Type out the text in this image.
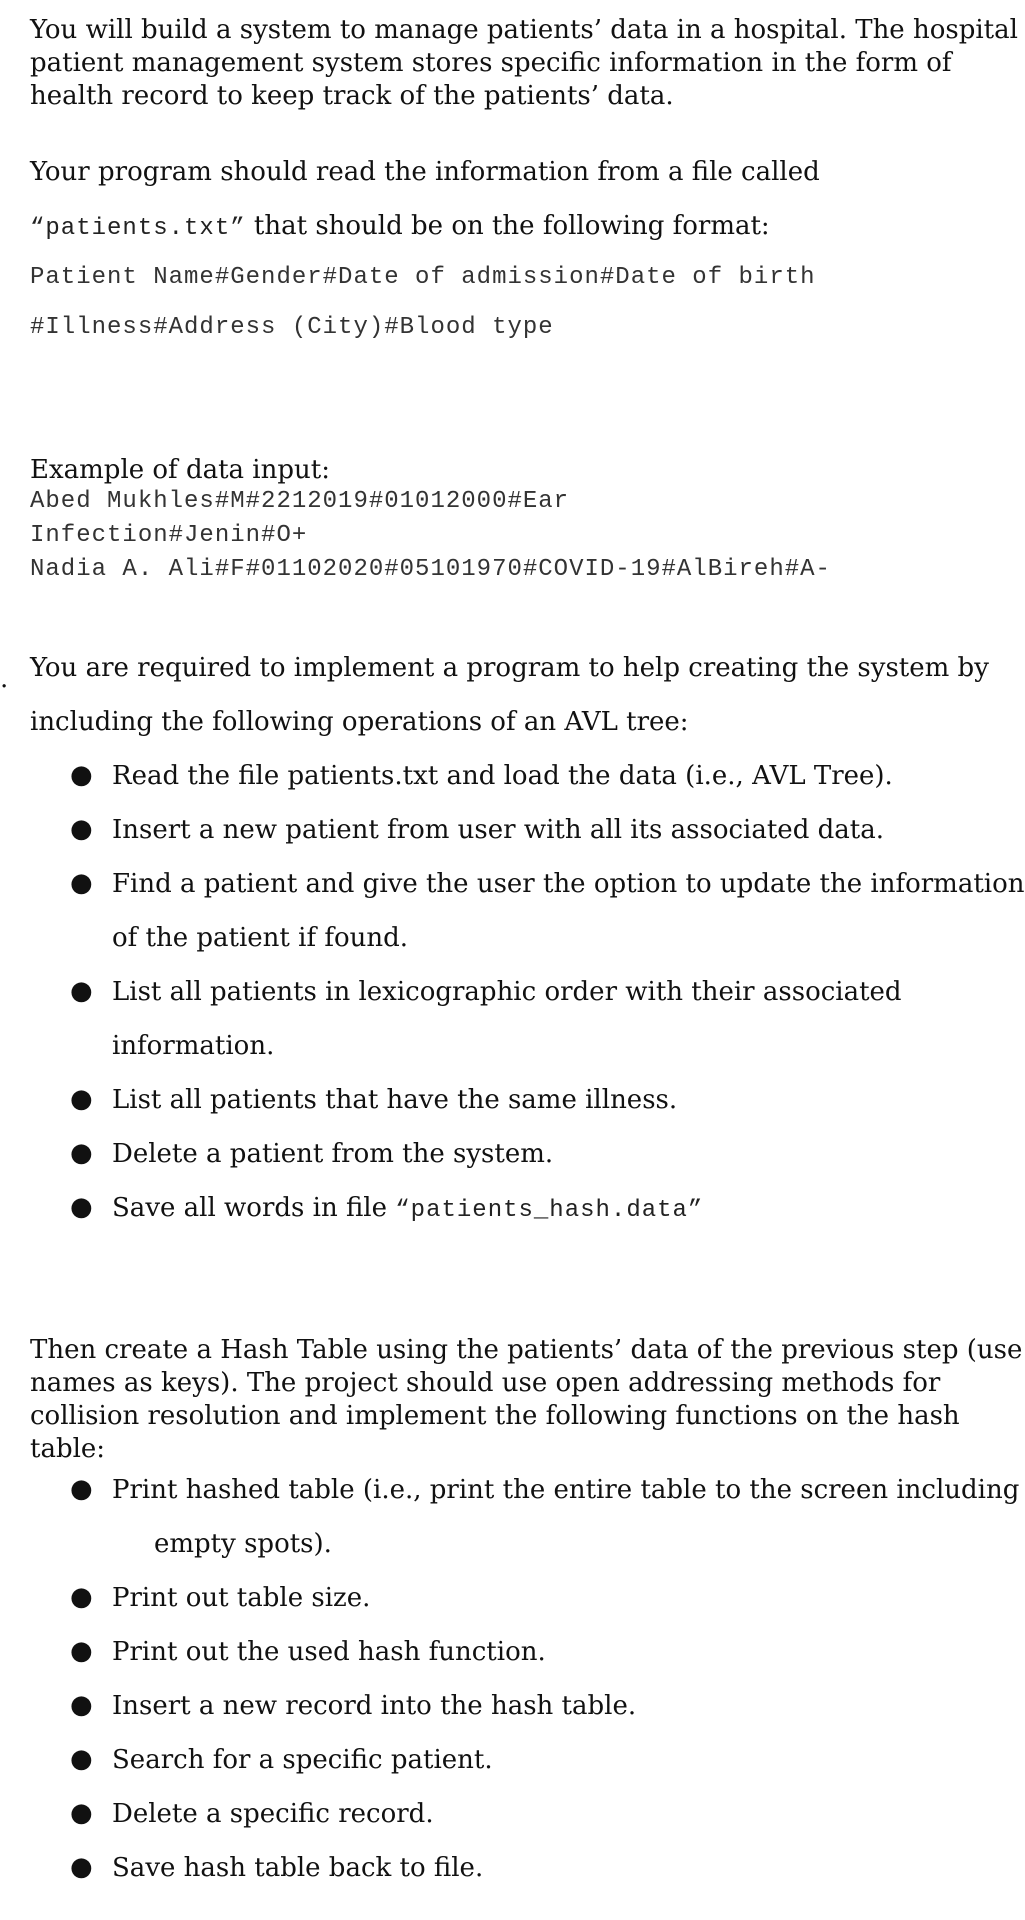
You will build a system to manage patients’ data in a hospital. The hospital
patient management system stores specific information in the form of
health record to keep track of the patients’ data.
Your program should read the information from a file called
“patients.txt” that should be on the following format:
Patient Name#Gender#Date of admission#Date of birth
#Illness#Address (City)#Blood type
Example of data input:
Abed Mukhles#M#2212019#01012000#Ear
Infection#Jenin#O+
Nadia A. Ali#F#01102020#05101970#COVID-19#AlBireh#A-
. You are required to implement a program to help creating the system by
including the following operations of an AVL tree:
● Read the file patients.txt and load the data (i.e., AVL Tree).
● Insert a new patient from user with all its associated data.
● Find a patient and give the user the option to update the information
of the patient if found.
● List all patients in lexicographic order with their associated
information.
● List all patients that have the same illness.
● Delete a patient from the system.
● Save all words in file “patients_hash.data”
Then create a Hash Table using the patients’ data of the previous step (use
names as keys). The project should use open addressing methods for
collision resolution and implement the following functions on the hash
table:
● Print hashed table (i.e., print the entire table to the screen including
empty spots).
● Print out table size.
● Print out the used hash function.
● Insert a new record into the hash table.
● Search for a specific patient.
● Delete a specific record.
● Save hash table back to file.
